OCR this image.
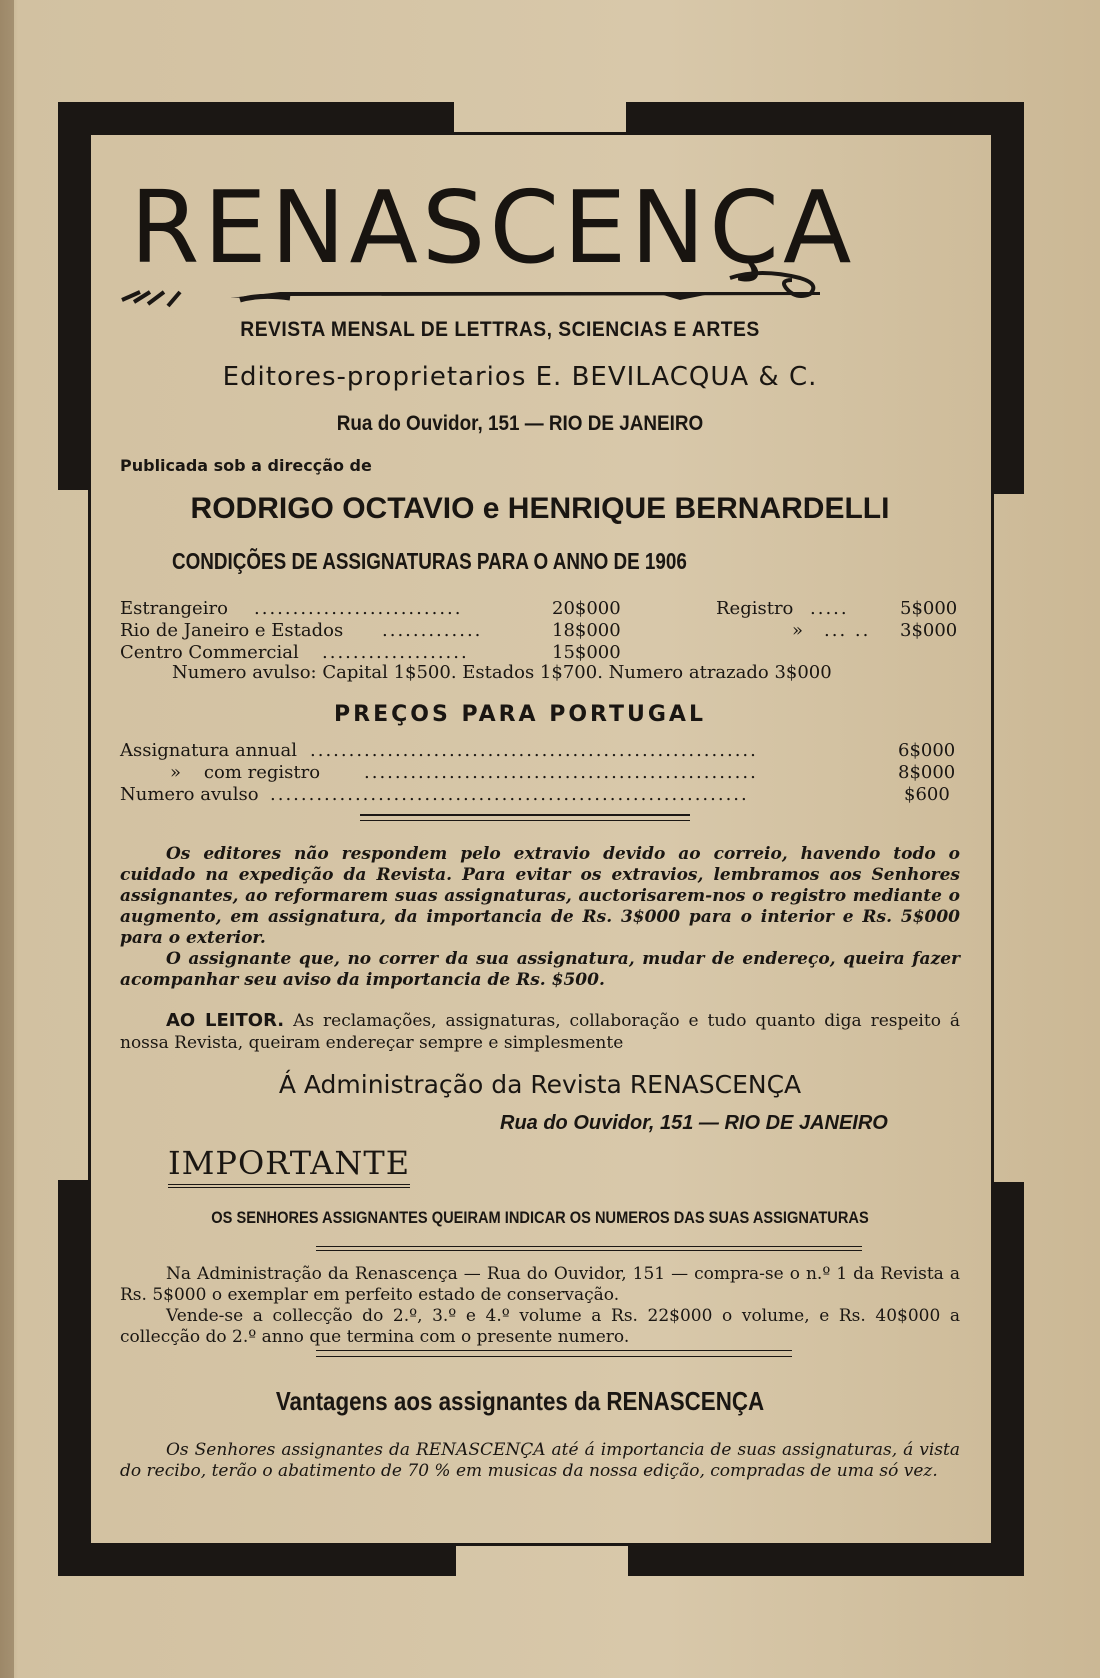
RENASCENÇA
REVISTA MENSAL DE LETTRAS, SCIENCIAS E ARTES
Editores-proprietarios E. BEVILACQUA & C.
Rua do Ouvidor, 151 — RIO DE JANEIRO
Publicada sob a direcção de
RODRIGO OCTAVIO e HENRIQUE BERNARDELLI
CONDIÇÕES DE ASSIGNATURAS PARA O ANNO DE 1906
Estrangeiro ...........................	20$000	Registro .....	5$000
Rio de Janeiro e Estados .............	18$000	» ... .. 3$000
Centro Commercial ...................	15$000
Numero avulso: Capital 1$500. Estados 1$700. Numero atrazado 3$000
PREÇOS PARA PORTUGAL
Assignatura annual ..........................................................	6$000
»    com registro ...................................................	8$000
Numero avulso ..............................................................	$600

Os editores não respondem pelo extravio devido ao correio, havendo todo o cuidado na expedição da Revista. Para evitar os extravios, lembramos aos Senhores assignantes, ao reformarem suas assignaturas, auctorisarem-nos o registro mediante o augmento, em assignatura, da importancia de Rs. 3$000 para o interior e Rs. 5$000 para o exterior.

O assignante que, no correr da sua assignatura, mudar de endereço, queira fazer acompanhar seu aviso da importancia de Rs. $500.

AO LEITOR. As reclamações, assignaturas, collaboração e tudo quanto diga respeito á nossa Revista, queiram endereçar sempre e simplesmente
Á Administração da Revista RENASCENÇA
Rua do Ouvidor, 151 — RIO DE JANEIRO
IMPORTANTE
OS SENHORES ASSIGNANTES QUEIRAM INDICAR OS NUMEROS DAS SUAS ASSIGNATURAS

Na Administração da Renascença — Rua do Ouvidor, 151 — compra-se o n.º 1 da Revista a Rs. 5$000 o exemplar em perfeito estado de conservação.

Vende-se a collecção do 2.º, 3.º e 4.º volume a Rs. 22$000 o volume, e Rs. 40$000 a collecção do 2.º anno que termina com o presente numero.

Vantagens aos assignantes da RENASCENÇA
Os Senhores assignantes da RENASCENÇA até á importancia de suas assignaturas, á vista do recibo, terão o abatimento de 70 % em musicas da nossa edição, compradas de uma só vez.
